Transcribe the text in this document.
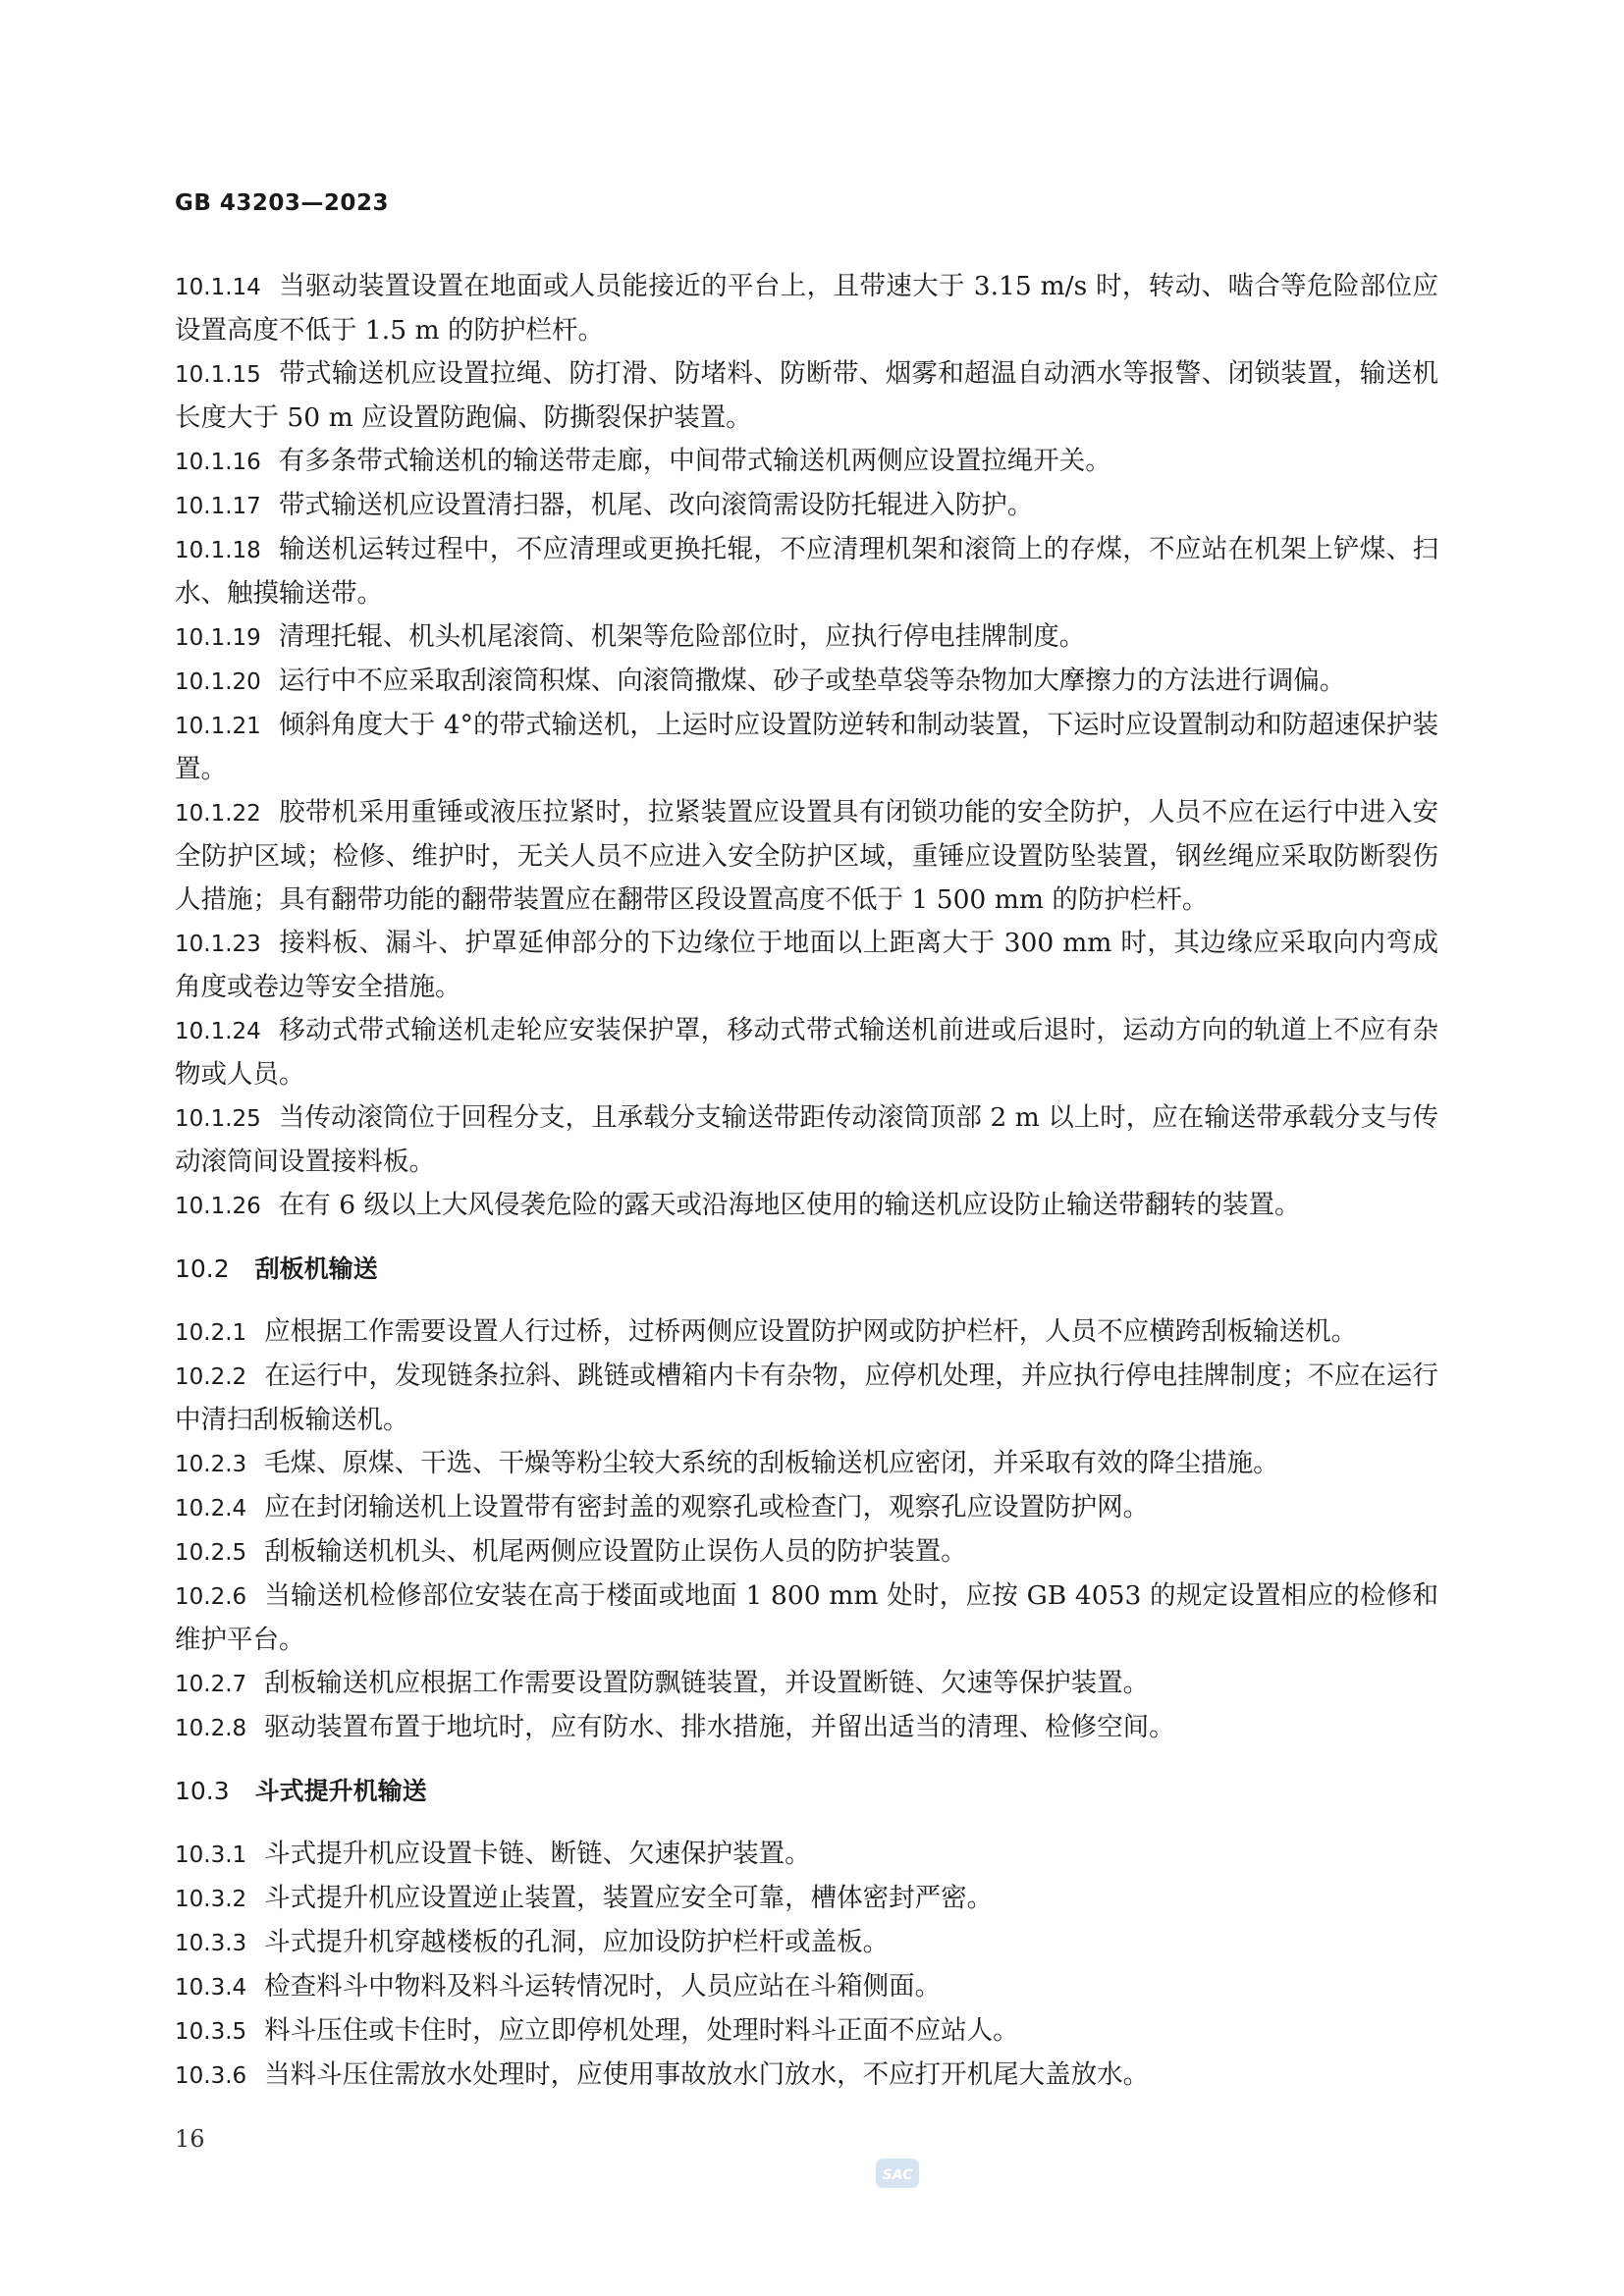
GB 43203—2023

10.1.14 当驱动装置设置在地面或人员能接近的平台上，且带速大于 3.15 m/s 时，转动、啮合等危险部位应设置高度不低于 1.5 m 的防护栏杆。

10.1.15 带式输送机应设置拉绳、防打滑、防堵料、防断带、烟雾和超温自动洒水等报警、闭锁装置，输送机长度大于 50 m 应设置防跑偏、防撕裂保护装置。

10.1.16 有多条带式输送机的输送带走廊，中间带式输送机两侧应设置拉绳开关。

10.1.17 带式输送机应设置清扫器，机尾、改向滚筒需设防托辊进入防护。

10.1.18 输送机运转过程中，不应清理或更换托辊，不应清理机架和滚筒上的存煤，不应站在机架上铲煤、扫水、触摸输送带。

10.1.19 清理托辊、机头机尾滚筒、机架等危险部位时，应执行停电挂牌制度。

10.1.20 运行中不应采取刮滚筒积煤、向滚筒撒煤、砂子或垫草袋等杂物加大摩擦力的方法进行调偏。

10.1.21 倾斜角度大于 4°的带式输送机，上运时应设置防逆转和制动装置，下运时应设置制动和防超速保护装置。

10.1.22 胶带机采用重锤或液压拉紧时，拉紧装置应设置具有闭锁功能的安全防护，人员不应在运行中进入安全防护区域；检修、维护时，无关人员不应进入安全防护区域，重锤应设置防坠装置，钢丝绳应采取防断裂伤人措施；具有翻带功能的翻带装置应在翻带区段设置高度不低于 1 500 mm 的防护栏杆。

10.1.23 接料板、漏斗、护罩延伸部分的下边缘位于地面以上距离大于 300 mm 时，其边缘应采取向内弯成角度或卷边等安全措施。

10.1.24 移动式带式输送机走轮应安装保护罩，移动式带式输送机前进或后退时，运动方向的轨道上不应有杂物或人员。

10.1.25 当传动滚筒位于回程分支，且承载分支输送带距传动滚筒顶部 2 m 以上时，应在输送带承载分支与传动滚筒间设置接料板。

10.1.26 在有 6 级以上大风侵袭危险的露天或沿海地区使用的输送机应设防止输送带翻转的装置。

10.2 刮板机输送

10.2.1 应根据工作需要设置人行过桥，过桥两侧应设置防护网或防护栏杆，人员不应横跨刮板输送机。

10.2.2 在运行中，发现链条拉斜、跳链或槽箱内卡有杂物，应停机处理，并应执行停电挂牌制度；不应在运行中清扫刮板输送机。

10.2.3 毛煤、原煤、干选、干燥等粉尘较大系统的刮板输送机应密闭，并采取有效的降尘措施。

10.2.4 应在封闭输送机上设置带有密封盖的观察孔或检查门，观察孔应设置防护网。

10.2.5 刮板输送机机头、机尾两侧应设置防止误伤人员的防护装置。

10.2.6 当输送机检修部位安装在高于楼面或地面 1 800 mm 处时，应按 GB 4053 的规定设置相应的检修和维护平台。

10.2.7 刮板输送机应根据工作需要设置防飘链装置，并设置断链、欠速等保护装置。

10.2.8 驱动装置布置于地坑时，应有防水、排水措施，并留出适当的清理、检修空间。

10.3 斗式提升机输送

10.3.1 斗式提升机应设置卡链、断链、欠速保护装置。

10.3.2 斗式提升机应设置逆止装置，装置应安全可靠，槽体密封严密。

10.3.3 斗式提升机穿越楼板的孔洞，应加设防护栏杆或盖板。

10.3.4 检查料斗中物料及料斗运转情况时，人员应站在斗箱侧面。

10.3.5 料斗压住或卡住时，应立即停机处理，处理时料斗正面不应站人。

10.3.6 当料斗压住需放水处理时，应使用事故放水门放水，不应打开机尾大盖放水。

16
SAC
